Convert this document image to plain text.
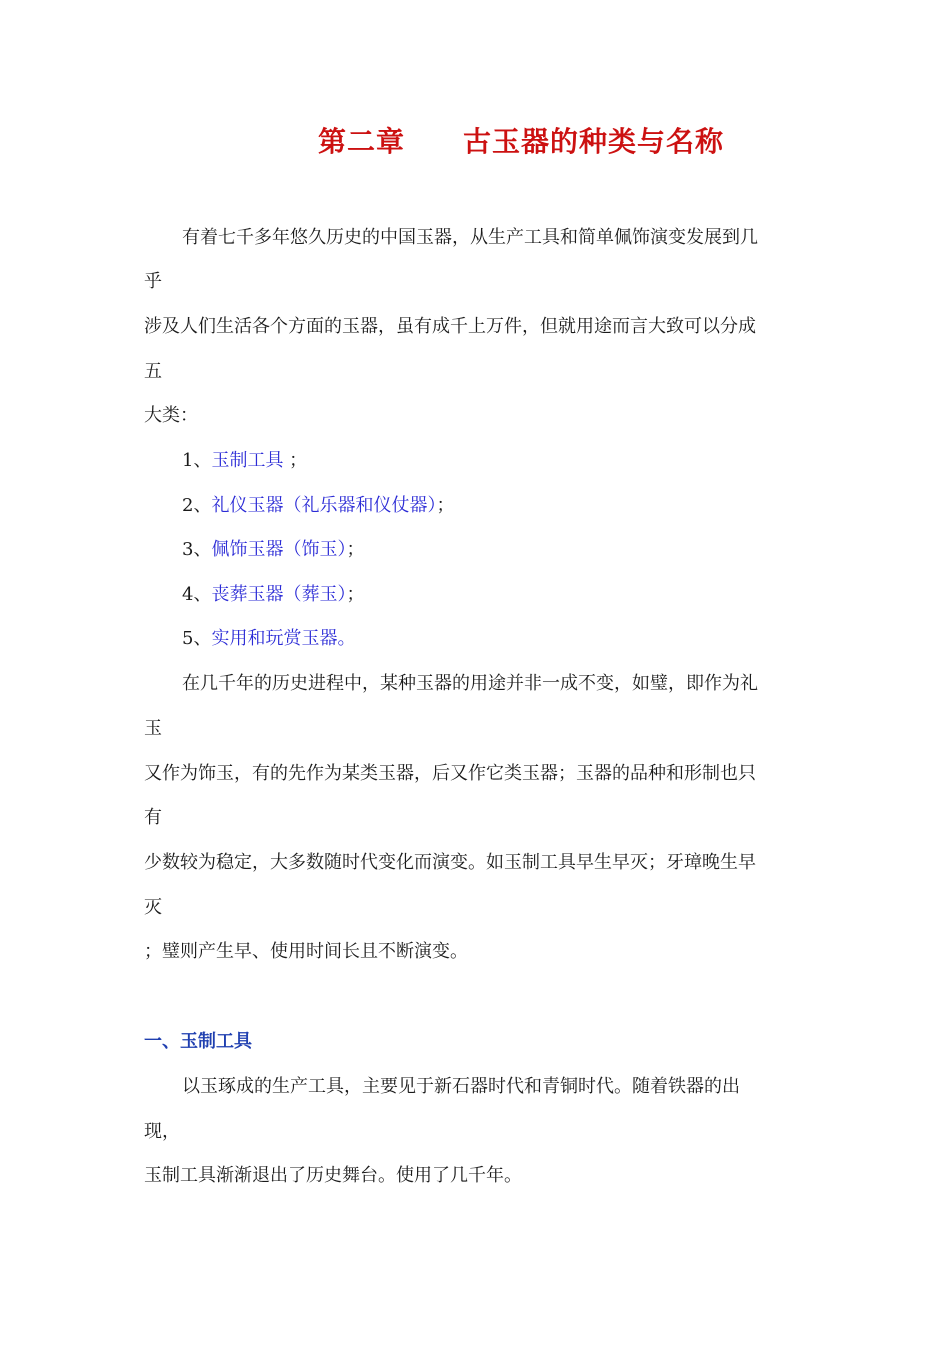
第二章　　古玉器的种类与名称
有着七千多年悠久历史的中国玉器，从生产工具和简单佩饰演变发展到几
乎
涉及人们生活各个方面的玉器，虽有成千上万件，但就用途而言大致可以分成
五
大类：
1、玉制工具 ；
2、礼仪玉器（礼乐器和仪仗器）；
3、佩饰玉器（饰玉）；
4、丧葬玉器（葬玉）；
5、实用和玩赏玉器。
在几千年的历史进程中，某种玉器的用途并非一成不变，如璧，即作为礼
玉
又作为饰玉，有的先作为某类玉器，后又作它类玉器；玉器的品种和形制也只
有
少数较为稳定，大多数随时代变化而演变。如玉制工具早生早灭；牙璋晚生早
灭
；璧则产生早、使用时间长且不断演变。
一、玉制工具
以玉琢成的生产工具，主要见于新石器时代和青铜时代。随着铁器的出
现，
玉制工具渐渐退出了历史舞台。使用了几千年。
